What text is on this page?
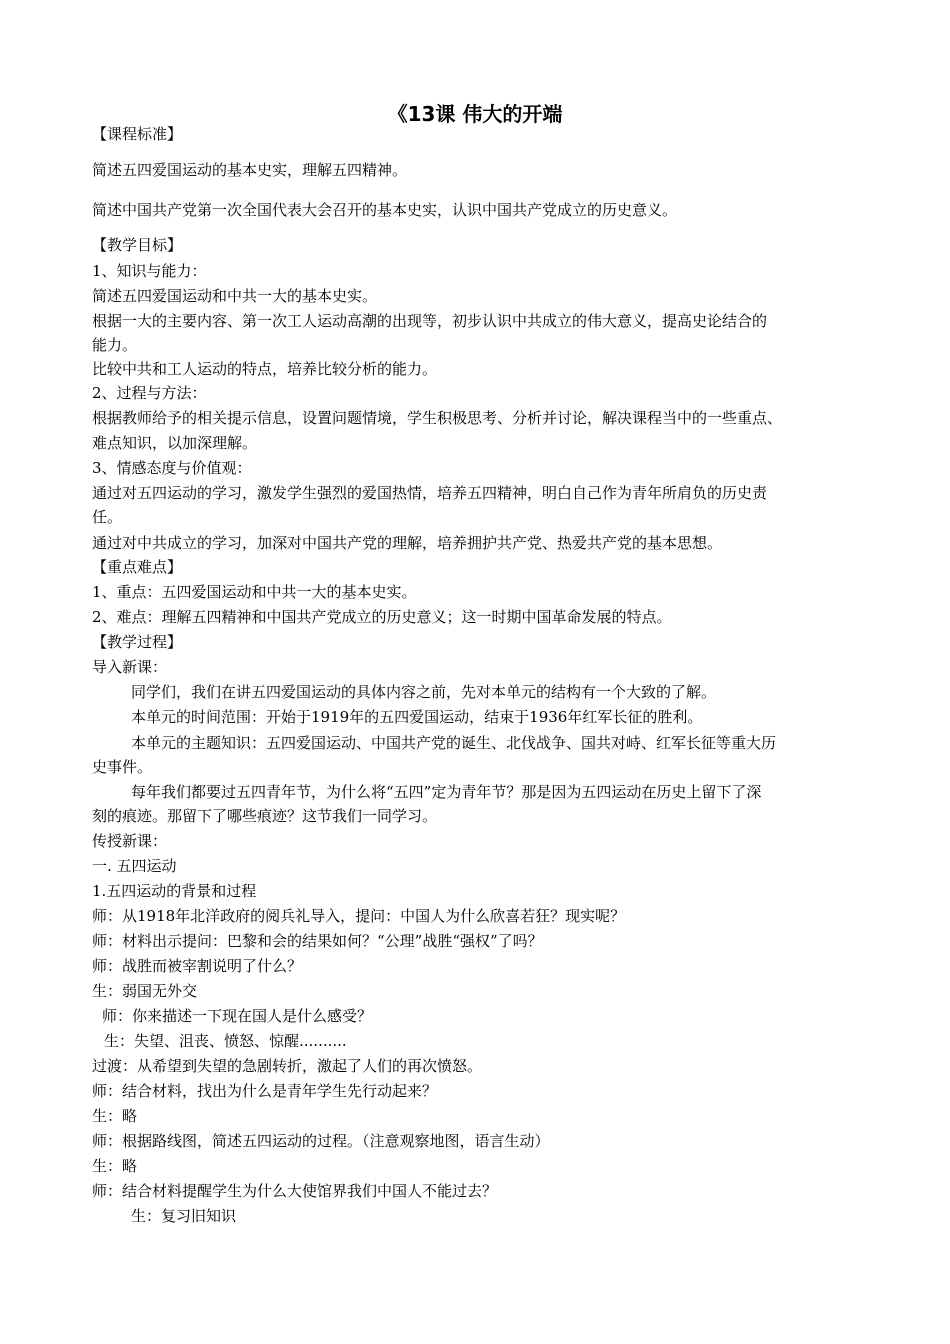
《13课 伟大的开端
【课程标准】
简述五四爱国运动的基本史实，理解五四精神。
简述中国共产党第一次全国代表大会召开的基本史实，认识中国共产党成立的历史意义。
【教学目标】
1、知识与能力：
简述五四爱国运动和中共一大的基本史实。
根据一大的主要内容、第一次工人运动高潮的出现等，初步认识中共成立的伟大意义，提高史论结合的
能力。
比较中共和工人运动的特点，培养比较分析的能力。
2、过程与方法：
根据教师给予的相关提示信息，设置问题情境，学生积极思考、分析并讨论，解决课程当中的一些重点、
难点知识，以加深理解。
3、情感态度与价值观：
通过对五四运动的学习，激发学生强烈的爱国热情，培养五四精神，明白自己作为青年所肩负的历史责
任。
通过对中共成立的学习，加深对中国共产党的理解，培养拥护共产党、热爱共产党的基本思想。
【重点难点】
1、重点：五四爱国运动和中共一大的基本史实。
2、难点：理解五四精神和中国共产党成立的历史意义；这一时期中国革命发展的特点。
【教学过程】
导入新课：
同学们，我们在讲五四爱国运动的具体内容之前，先对本单元的结构有一个大致的了解。
本单元的时间范围：开始于1919年的五四爱国运动，结束于1936年红军长征的胜利。
本单元的主题知识：五四爱国运动、中国共产党的诞生、北伐战争、国共对峙、红军长征等重大历
史事件。
每年我们都要过五四青年节，为什么将“五四”定为青年节？那是因为五四运动在历史上留下了深
刻的痕迹。那留下了哪些痕迹？这节我们一同学习。
传授新课：
一. 五四运动
1.五四运动的背景和过程
师：从1918年北洋政府的阅兵礼导入，提问：中国人为什么欣喜若狂？现实呢？
师：材料出示提问：巴黎和会的结果如何？“公理”战胜“强权”了吗？
师：战胜而被宰割说明了什么？
生：弱国无外交
师：你来描述一下现在国人是什么感受？
生：失望、沮丧、愤怒、惊醒..........
过渡：从希望到失望的急剧转折，激起了人们的再次愤怒。
师：结合材料，找出为什么是青年学生先行动起来？
生：略
师：根据路线图，简述五四运动的过程。（注意观察地图，语言生动）
生：略
师：结合材料提醒学生为什么大使馆界我们中国人不能过去？
生：复习旧知识
